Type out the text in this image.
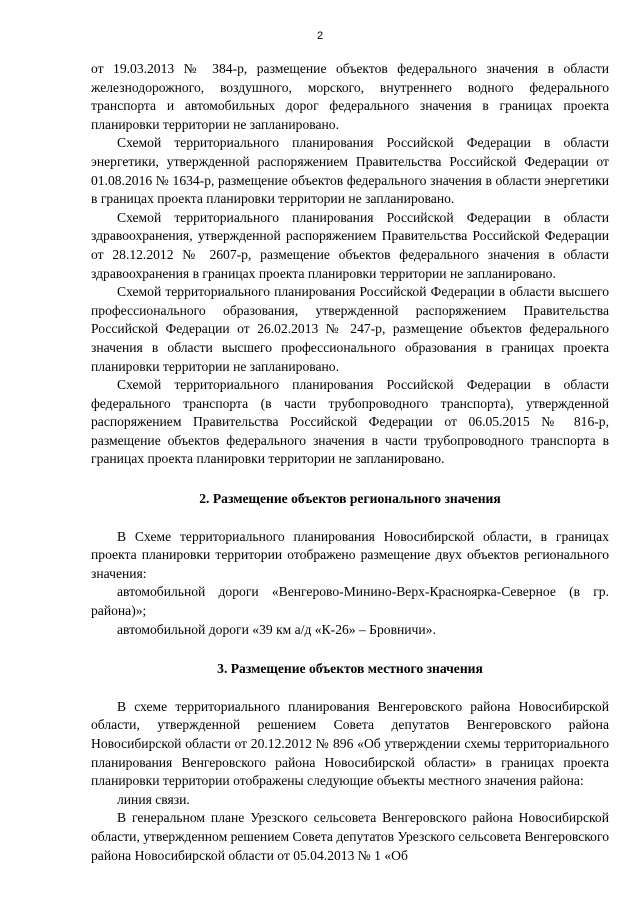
2

от 19.03.2013 № 384-р, размещение объектов федерального значения в области железнодорожного, воздушного, морского, внутреннего водного федерального транспорта и автомобильных дорог федерального значения в границах проекта планировки территории не запланировано.

Схемой территориального планирования Российской Федерации в области энергетики, утвержденной распоряжением Правительства Российской Федерации от 01.08.2016 № 1634-р, размещение объектов федерального значения в области энергетики в границах проекта планировки территории не запланировано.

Схемой территориального планирования Российской Федерации в области здравоохранения, утвержденной распоряжением Правительства Российской Федерации от 28.12.2012 № 2607-р, размещение объектов федерального значения в области здравоохранения в границах проекта планировки территории не запланировано.

Схемой территориального планирования Российской Федерации в области высшего профессионального образования, утвержденной распоряжением Правительства Российской Федерации от 26.02.2013 № 247-р, размещение объектов федерального значения в области высшего профессионального образования в границах проекта планировки территории не запланировано.

Схемой территориального планирования Российской Федерации в области федерального транспорта (в части трубопроводного транспорта), утвержденной распоряжением Правительства Российской Федерации от 06.05.2015 № 816-р, размещение объектов федерального значения в части трубопроводного транспорта в границах проекта планировки территории не запланировано.

2. Размещение объектов регионального значения

В Схеме территориального планирования Новосибирской области, в границах проекта планировки территории отображено размещение двух объектов регионального значения:

автомобильной дороги «Венгерово-Минино-Верх-Красноярка-Северное (в гр. района)»;

автомобильной дороги «39 км а/д «К-26» – Бровничи».

3. Размещение объектов местного значения

В схеме территориального планирования Венгеровского района Новосибирской области, утвержденной решением Совета депутатов Венгеровского района Новосибирской области от 20.12.2012 № 896 «Об утверждении схемы территориального планирования Венгеровского района Новосибирской области» в границах проекта планировки территории отображены следующие объекты местного значения района:

линия связи.

В генеральном плане Урезского сельсовета Венгеровского района Новосибирской области, утвержденном решением Совета депутатов Урезского сельсовета Венгеровского района Новосибирской области от 05.04.2013 № 1 «Об
